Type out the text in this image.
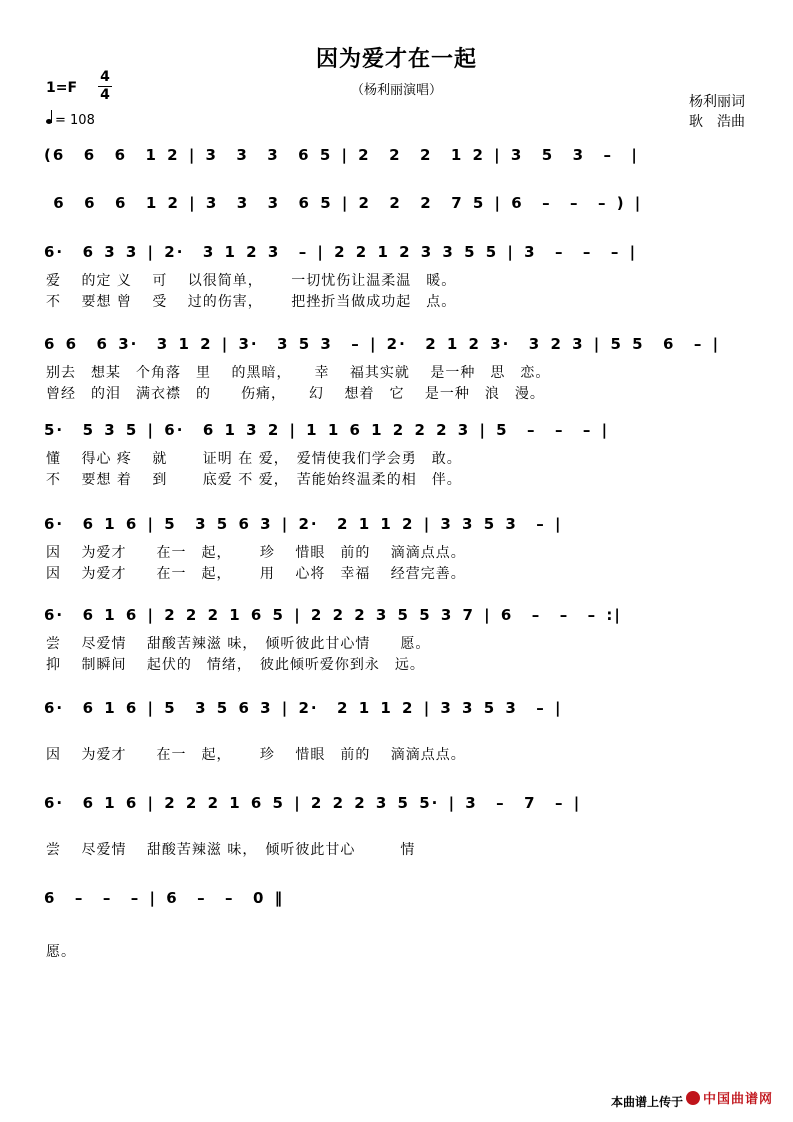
因为爱才在一起
（杨利丽演唱）
1=F
4
4
= 108
杨利丽词
耿　浩曲
(6  6  6  1 2 | 3  3  3  6 5 | 2  2  2  1 2 | 3  5  3  –  |
6  6  6  1 2 | 3  3  3  6 5 | 2  2  2  7 5 | 6  –  –  – ) |
6·  6 3 3 | 2·  3 1 2 3  – | 2 2 1 2 3 3 5 5 | 3  –  –  – |
爱　 的定 义　 可　 以很简单，　　 一切忧伤让温柔温　暖。
不　 要想 曾　 受　 过的伤害，　　 把挫折当做成功起　点。
6 6  6 3·  3 1 2 | 3·  3 5 3  – | 2·  2 1 2 3·  3 2 3 | 5 5  6  – |
别去　想某　个角落　里　 的黑暗，　　幸　 福其实就　 是一种　思　恋。
曾经　的泪　满衣襟　的　　伤痛，　　幻　 想着　它　 是一种　浪　漫。
5·  5 3 5 | 6·  6 1 3 2 | 1 1 6 1 2 2 2 3 | 5  –  –  – |
懂　 得心 疼　 就　　 证明 在 爱，　爱情使我们学会勇　敢。
不　 要想 着　 到　　 底爱 不 爱，　苦能始终温柔的相　伴。
6·  6 1 6 | 5  3 5 6 3 | 2·  2 1 1 2 | 3 3 5 3  – |
因　 为爱才　　在一　起，　　 珍　 惜眼　前的　 滴滴点点。
因　 为爱才　　在一　起，　　 用　 心将　幸福　 经营完善。
6·  6 1 6 | 2 2 2 1 6 5 | 2 2 2 3 5 5 3 7 | 6  –  –  – :|
尝　 尽爱情　 甜酸苦辣滋 味，　倾听彼此甘心情　　愿。
抑　 制瞬间　 起伏的　情绪，　彼此倾听爱你到永　远。
6·  6 1 6 | 5  3 5 6 3 | 2·  2 1 1 2 | 3 3 5 3  – |
因　 为爱才　　在一　起，　　 珍　 惜眼　前的　 滴滴点点。
6·  6 1 6 | 2 2 2 1 6 5 | 2 2 2 3 5 5· | 3  –  7  – |
尝　 尽爱情　 甜酸苦辣滋 味，　倾听彼此甘心　　　情
6  –  –  – | 6  –  –  0 ‖
愿。
本曲谱上传于	中国曲谱网
